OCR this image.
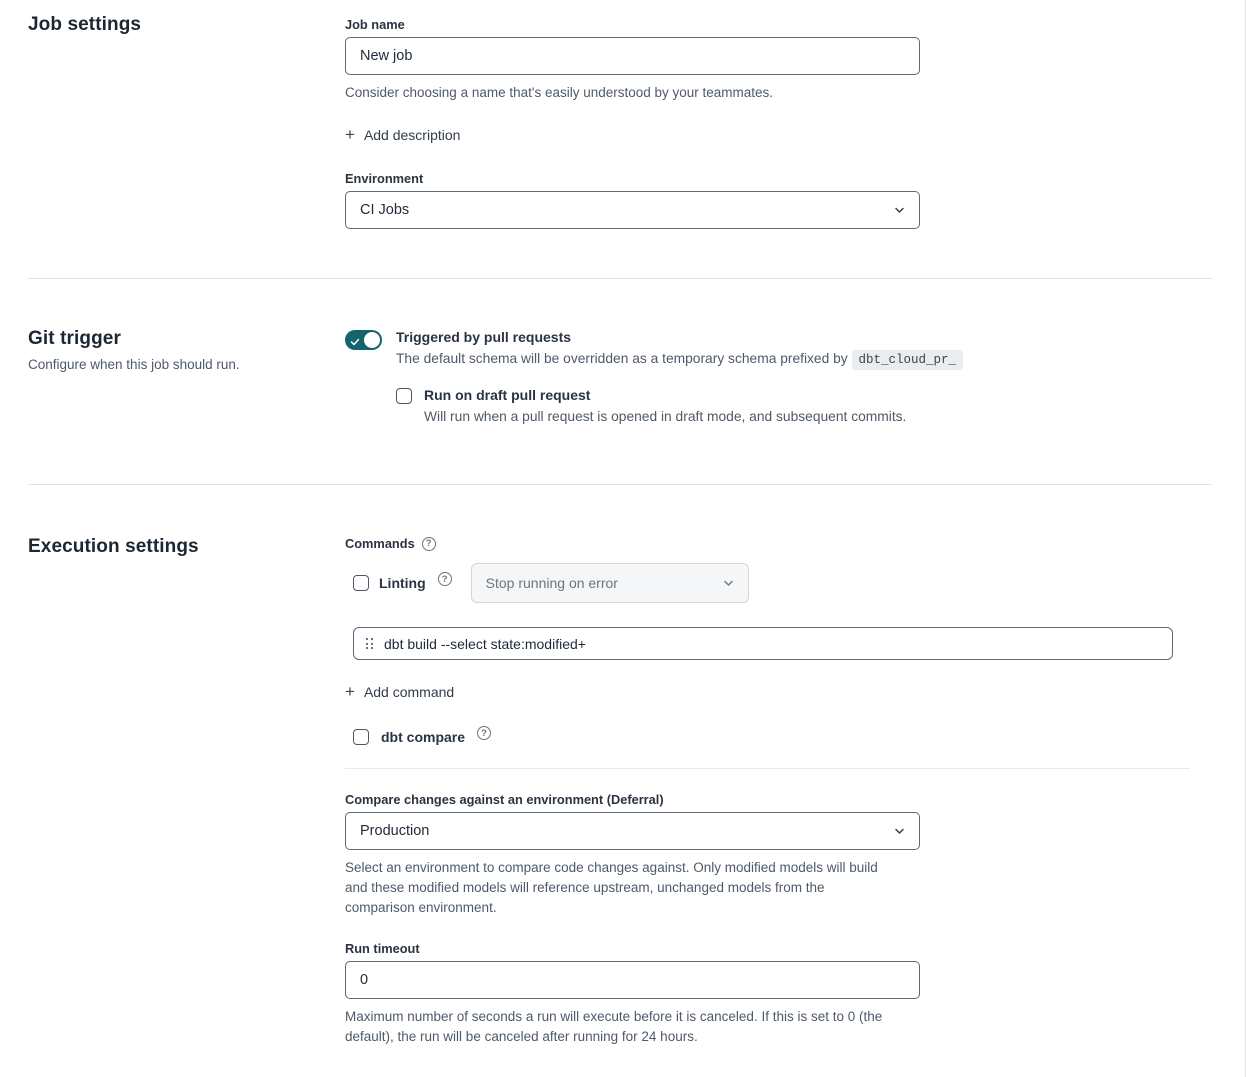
Job settings	Job name
New job
Consider choosing a name that's easily understood by your teammates.
+ Add description
Environment
CI Jobs
Git trigger
Configure when this job should run.
Triggered by pull requests
The default schema will be overridden as a temporary schema prefixed by dbt_cloud_pr_
Run on draft pull request
Will run when a pull request is opened in draft mode, and subsequent commits.
Execution settings	Commands	?
Linting	?	Stop running on error
dbt build --select state:modified+
+ Add command
dbt compare	?
Compare changes against an environment (Deferral)
Production
Select an environment to compare code changes against. Only modified models will build and these modified models will reference upstream, unchanged models from the comparison environment.
Run timeout
0
Maximum number of seconds a run will execute before it is canceled. If this is set to 0 (the default), the run will be canceled after running for 24 hours.
